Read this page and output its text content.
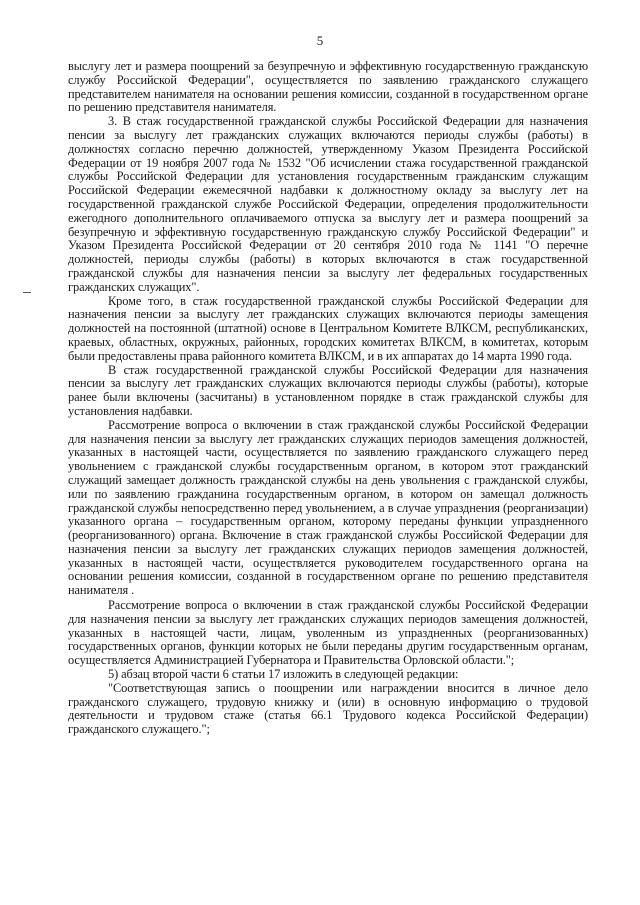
5

выслугу лет и размера поощрений за безупречную и эффективную государственную гражданскую службу Российской Федерации", осуществляется по заявлению гражданского служащего представителем нанимателя на основании решения комиссии, созданной в государственном органе по решению представителя нанимателя.

3. В стаж государственной гражданской службы Российской Федерации для назначения пенсии за выслугу лет гражданских служащих включаются периоды службы (работы) в должностях согласно перечню должностей, утвержденному Указом Президента Российской Федерации от 19 ноября 2007 года № 1532 "Об исчислении стажа государственной гражданской службы Российской Федерации для установления государственным гражданским служащим Российской Федерации ежемесячной надбавки к должностному окладу за выслугу лет на государственной гражданской службе Российской Федерации, определения продолжительности ежегодного дополнительного оплачиваемого отпуска за выслугу лет и размера поощрений за безупречную и эффективную государственную гражданскую службу Российской Федерации" и Указом Президента Российской Федерации от 20 сентября 2010 года № 1141 "О перечне должностей, периоды службы (работы) в которых включаются в стаж государственной гражданской службы для назначения пенсии за выслугу лет федеральных государственных гражданских служащих".

Кроме того, в стаж государственной гражданской службы Российской Федерации для назначения пенсии за выслугу лет гражданских служащих включаются периоды замещения должностей на постоянной (штатной) основе в Центральном Комитете ВЛКСМ, республиканских, краевых, областных, окружных, районных, городских комитетах ВЛКСМ, в комитетах, которым были предоставлены права районного комитета ВЛКСМ, и в их аппаратах до 14 марта 1990 года.

В стаж государственной гражданской службы Российской Федерации для назначения пенсии за выслугу лет гражданских служащих включаются периоды службы (работы), которые ранее были включены (засчитаны) в установленном порядке в стаж гражданской службы для установления надбавки.

Рассмотрение вопроса о включении в стаж гражданской службы Российской Федерации для назначения пенсии за выслугу лет гражданских служащих периодов замещения должностей, указанных в настоящей части, осуществляется по заявлению гражданского служащего перед увольнением с гражданской службы государственным органом, в котором этот гражданский служащий замещает должность гражданской службы на день увольнения с гражданской службы, или по заявлению гражданина государственным органом, в котором он замещал должность гражданской службы непосредственно перед увольнением, а в случае упразднения (реорганизации) указанного органа – государственным органом, которому переданы функции упраздненного (реорганизованного) органа. Включение в стаж гражданской службы Российской Федерации для назначения пенсии за выслугу лет гражданских служащих периодов замещения должностей, указанных в настоящей части, осуществляется руководителем государственного органа на основании решения комиссии, созданной в государственном органе по решению представителя нанимателя .

Рассмотрение вопроса о включении в стаж гражданской службы Российской Федерации для назначения пенсии за выслугу лет гражданских служащих периодов замещения должностей, указанных в настоящей части, лицам, уволенным из упраздненных (реорганизованных) государственных органов, функции которых не были переданы другим государственным органам, осуществляется Администрацией Губернатора и Правительства Орловской области.";

5) абзац второй части 6 статьи 17 изложить в следующей редакции:

"Соответствующая запись о поощрении или награждении вносится в личное дело гражданского служащего, трудовую книжку и (или) в основную информацию о трудовой деятельности и трудовом стаже (статья 66.1 Трудового кодекса Российской Федерации) гражданского служащего.";
